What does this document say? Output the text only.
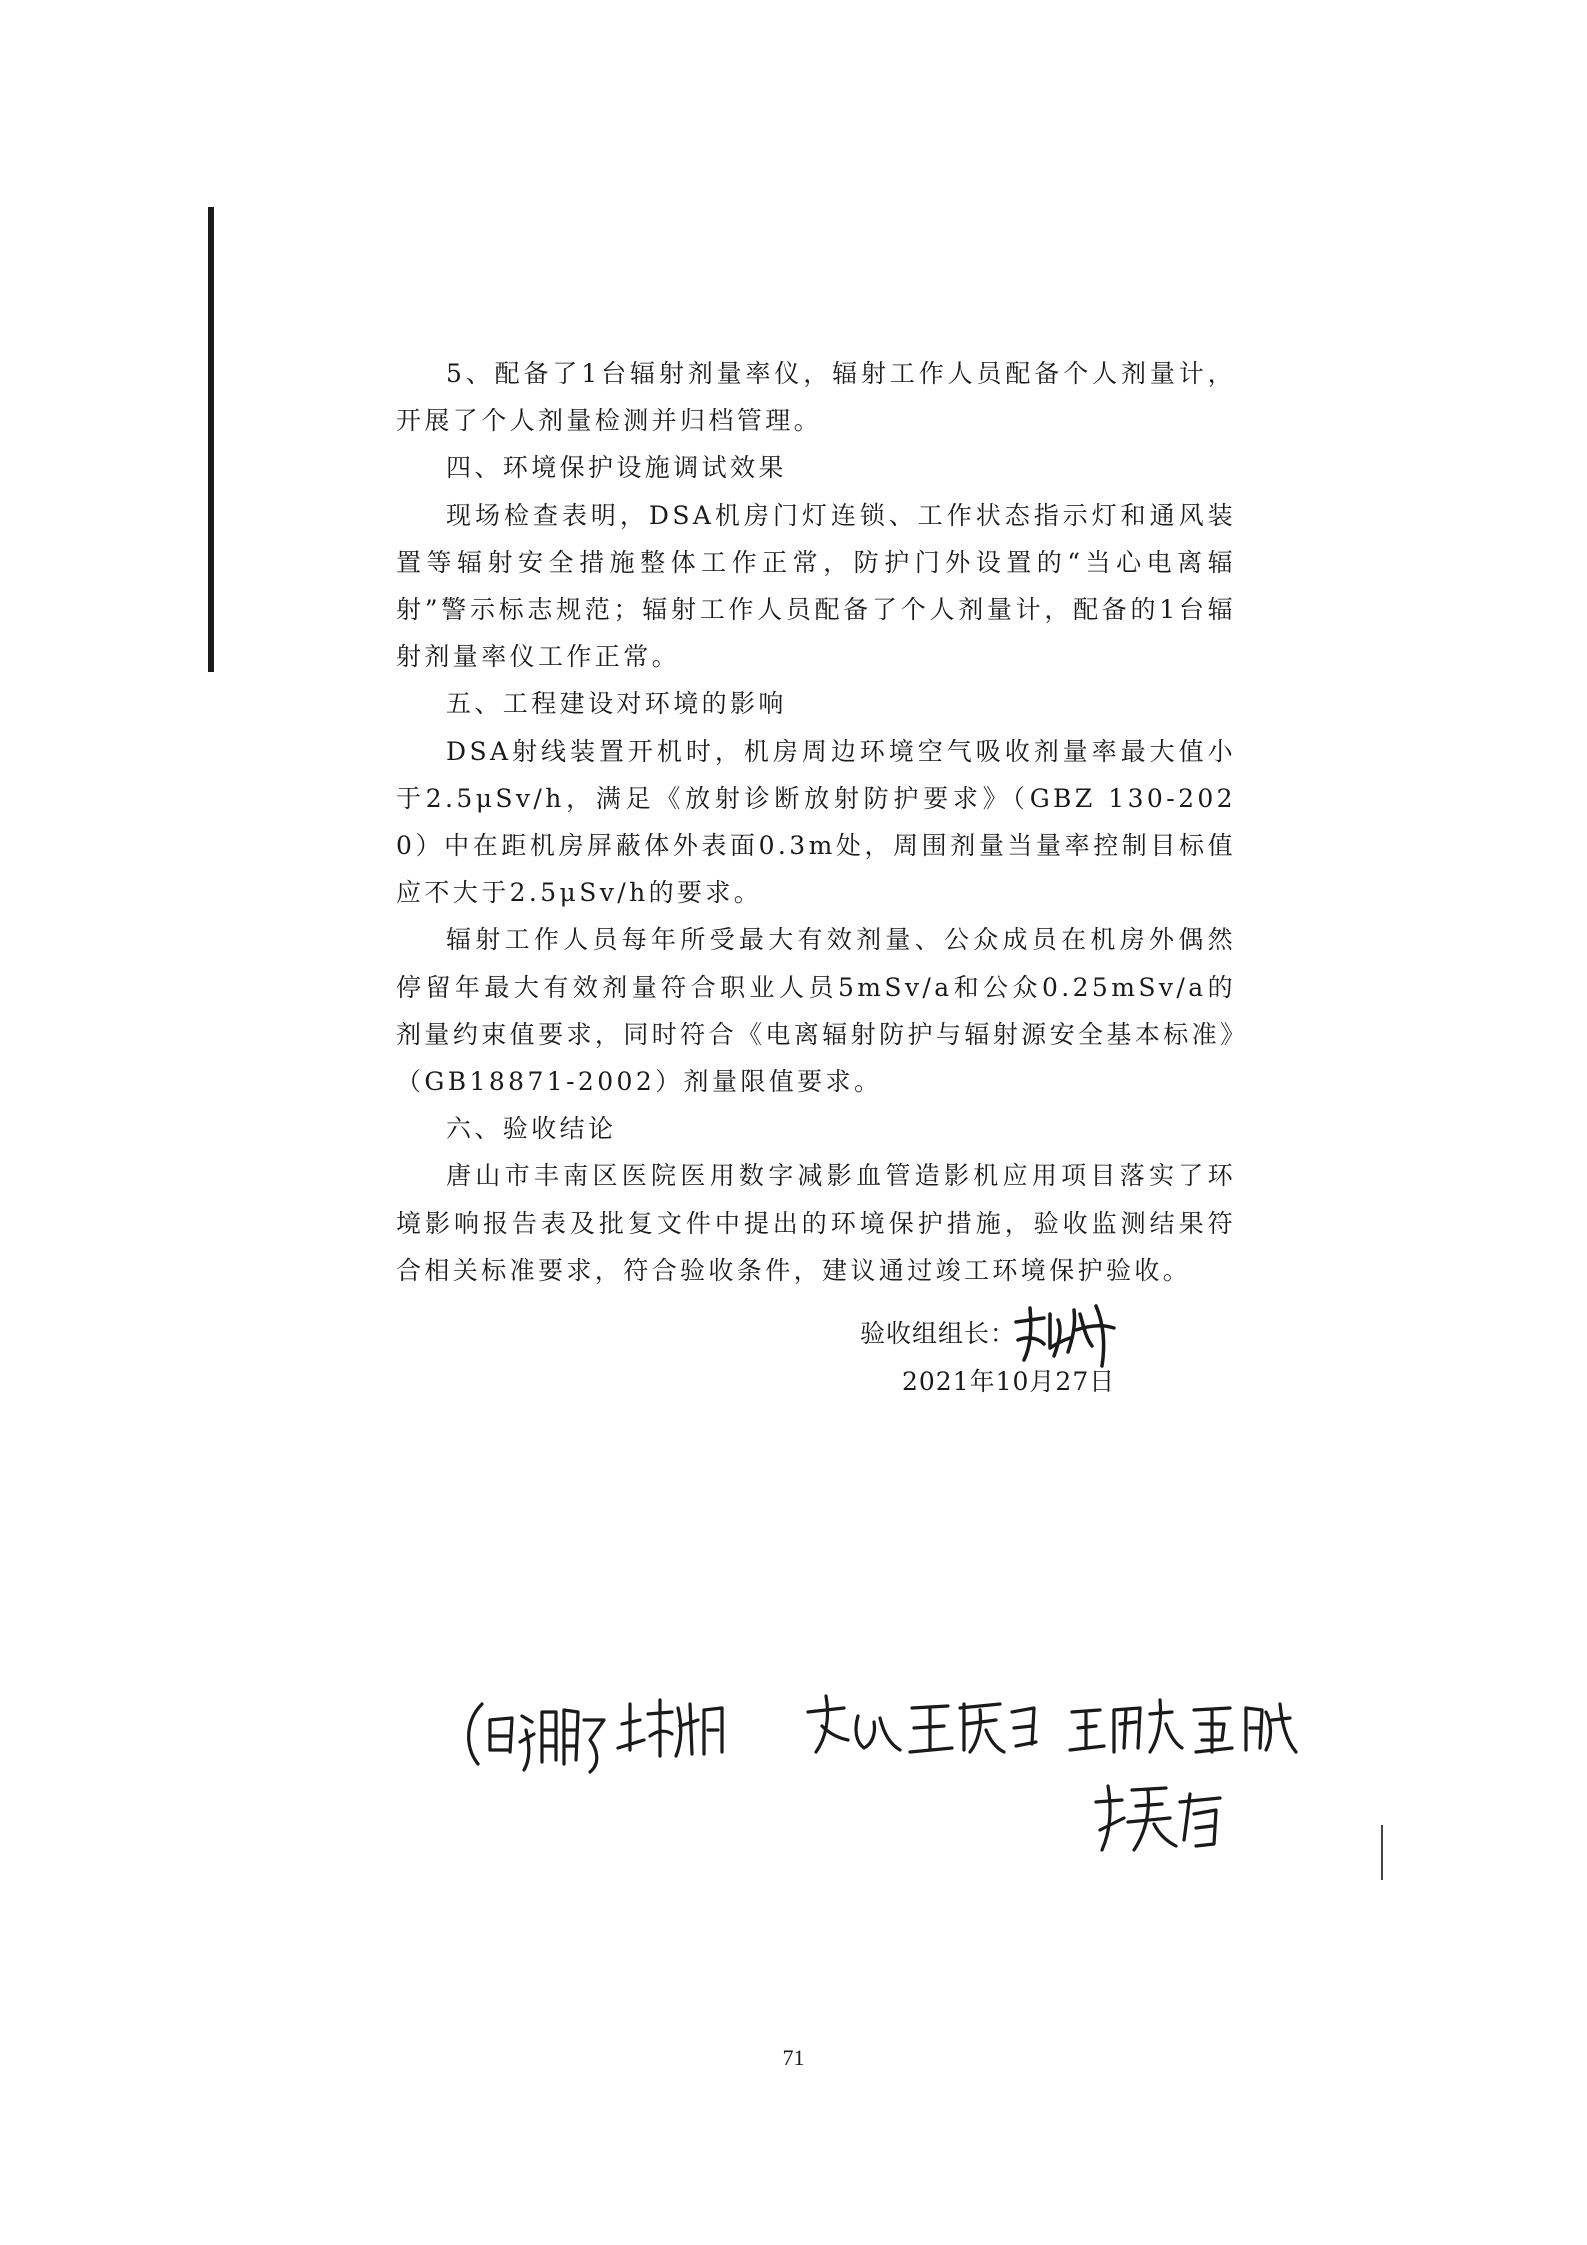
5、配备了1台辐射剂量率仪，辐射工作人员配备个人剂量计，开展了个人剂量检测并归档管理。

四、环境保护设施调试效果

现场检查表明，DSA机房门灯连锁、工作状态指示灯和通风装置等辐射安全措施整体工作正常，防护门外设置的“当心电离辐射”警示标志规范；辐射工作人员配备了个人剂量计，配备的1台辐射剂量率仪工作正常。

五、工程建设对环境的影响

DSA射线装置开机时，机房周边环境空气吸收剂量率最大值小于2.5μSv/h，满足《放射诊断放射防护要求》（GBZ 130-2020）中在距机房屏蔽体外表面0.3m处，周围剂量当量率控制目标值应不大于2.5μSv/h的要求。

辐射工作人员每年所受最大有效剂量、公众成员在机房外偶然停留年最大有效剂量符合职业人员5mSv/a和公众0.25mSv/a的剂量约束值要求，同时符合《电离辐射防护与辐射源安全基本标准》（GB18871-2002）剂量限值要求。

六、验收结论

唐山市丰南区医院医用数字减影血管造影机应用项目落实了环境影响报告表及批复文件中提出的环境保护措施，验收监测结果符合相关标准要求，符合验收条件，建议通过竣工环境保护验收。

验收组组长：
2021年10月27日
71
